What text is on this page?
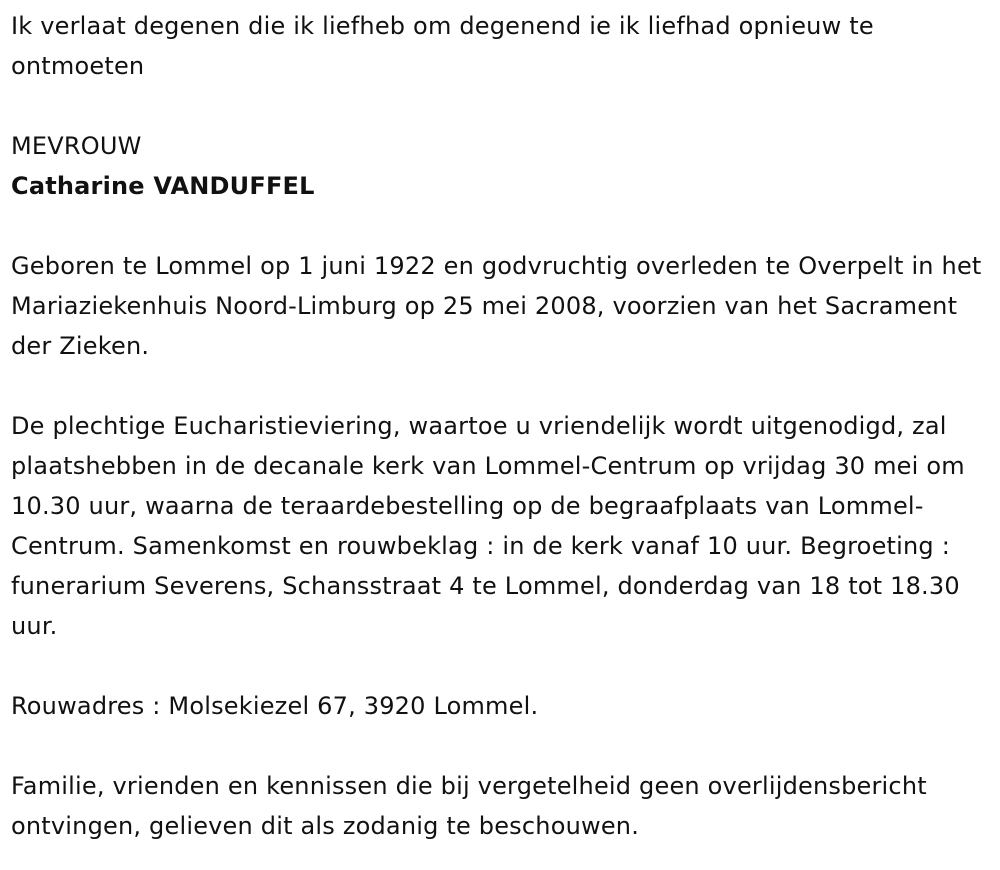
Ik verlaat degenen die ik liefheb om degenend ie ik liefhad opnieuw te ontmoeten

MEVROUW

Catharine VANDUFFEL

Geboren te Lommel op 1 juni 1922 en godvruchtig overleden te Overpelt in het Mariaziekenhuis Noord-Limburg op 25 mei 2008, voorzien van het Sacrament der Zieken.

De plechtige Eucharistieviering, waartoe u vriendelijk wordt uitgenodigd, zal plaatshebben in de decanale kerk van Lommel-Centrum op vrijdag 30 mei om 10.30 uur, waarna de teraardebestelling op de begraafplaats van Lommel-Centrum. Samenkomst en rouwbeklag : in de kerk vanaf 10 uur. Begroeting : funerarium Severens, Schansstraat 4 te Lommel, donderdag van 18 tot 18.30 uur.

Rouwadres : Molsekiezel 67, 3920 Lommel.

Familie, vrienden en kennissen die bij vergetelheid geen overlijdensbericht ontvingen, gelieven dit als zodanig te beschouwen.
